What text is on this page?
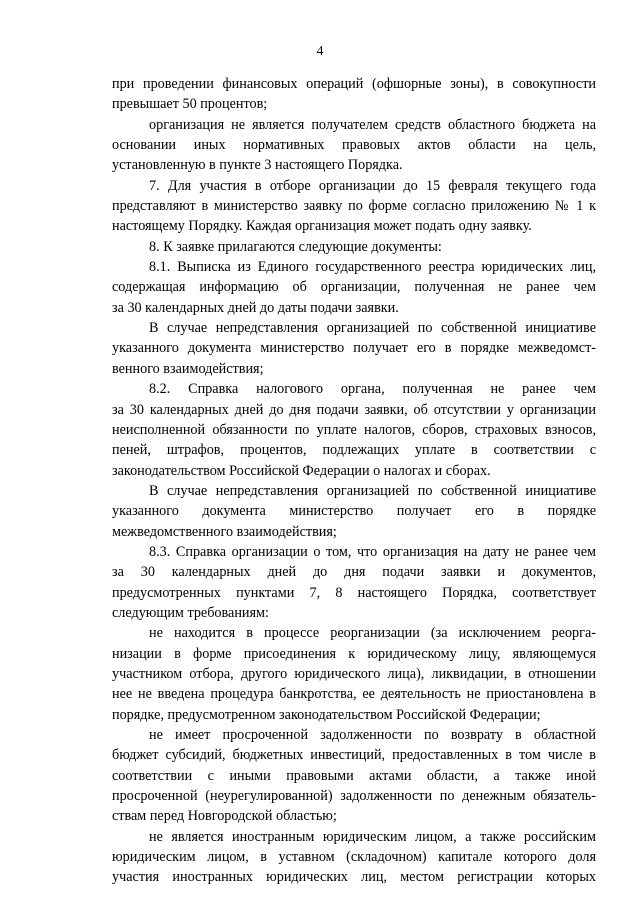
4
при проведении финансовых операций (офшорные зоны), в совокупности
превышает 50 процентов;
организация не является получателем средств областного бюджета на
основании иных нормативных правовых актов области на цель,
установленную в пункте 3 настоящего Порядка.
7. Для участия в отборе организации до 15 февраля текущего года
представляют в министерство заявку по форме согласно приложению № 1 к
настоящему Порядку. Каждая организация может подать одну заявку.
8. К заявке прилагаются следующие документы:
8.1. Выписка из Единого государственного реестра юридических лиц,
содержащая информацию об организации, полученная не ранее чем
за 30 календарных дней до даты подачи заявки.
В случае непредставления организацией по собственной инициативе
указанного документа министерство получает его в порядке межведомст-
венного взаимодействия;
8.2. Справка налогового органа, полученная не ранее чем
за 30 календарных дней до дня подачи заявки, об отсутствии у организации
неисполненной обязанности по уплате налогов, сборов, страховых взносов,
пеней, штрафов, процентов, подлежащих уплате в соответствии с
законодательством Российской Федерации о налогах и сборах.
В случае непредставления организацией по собственной инициативе
указанного документа министерство получает его в порядке
межведомственного взаимодействия;
8.3. Справка организации о том, что организация на дату не ранее чем
за 30 календарных дней до дня подачи заявки и документов,
предусмотренных пунктами 7, 8 настоящего Порядка, соответствует
следующим требованиям:
не находится в процессе реорганизации (за исключением реорга-
низации в форме присоединения к юридическому лицу, являющемуся
участником отбора, другого юридического лица), ликвидации, в отношении
нее не введена процедура банкротства, ее деятельность не приостановлена в
порядке, предусмотренном законодательством Российской Федерации;
не имеет просроченной задолженности по возврату в областной
бюджет субсидий, бюджетных инвестиций, предоставленных в том числе в
соответствии с иными правовыми актами области, а также иной
просроченной (неурегулированной) задолженности по денежным обязатель-
ствам перед Новгородской областью;
не является иностранным юридическим лицом, а также российским
юридическим лицом, в уставном (складочном) капитале которого доля
участия иностранных юридических лиц, местом регистрации которых
